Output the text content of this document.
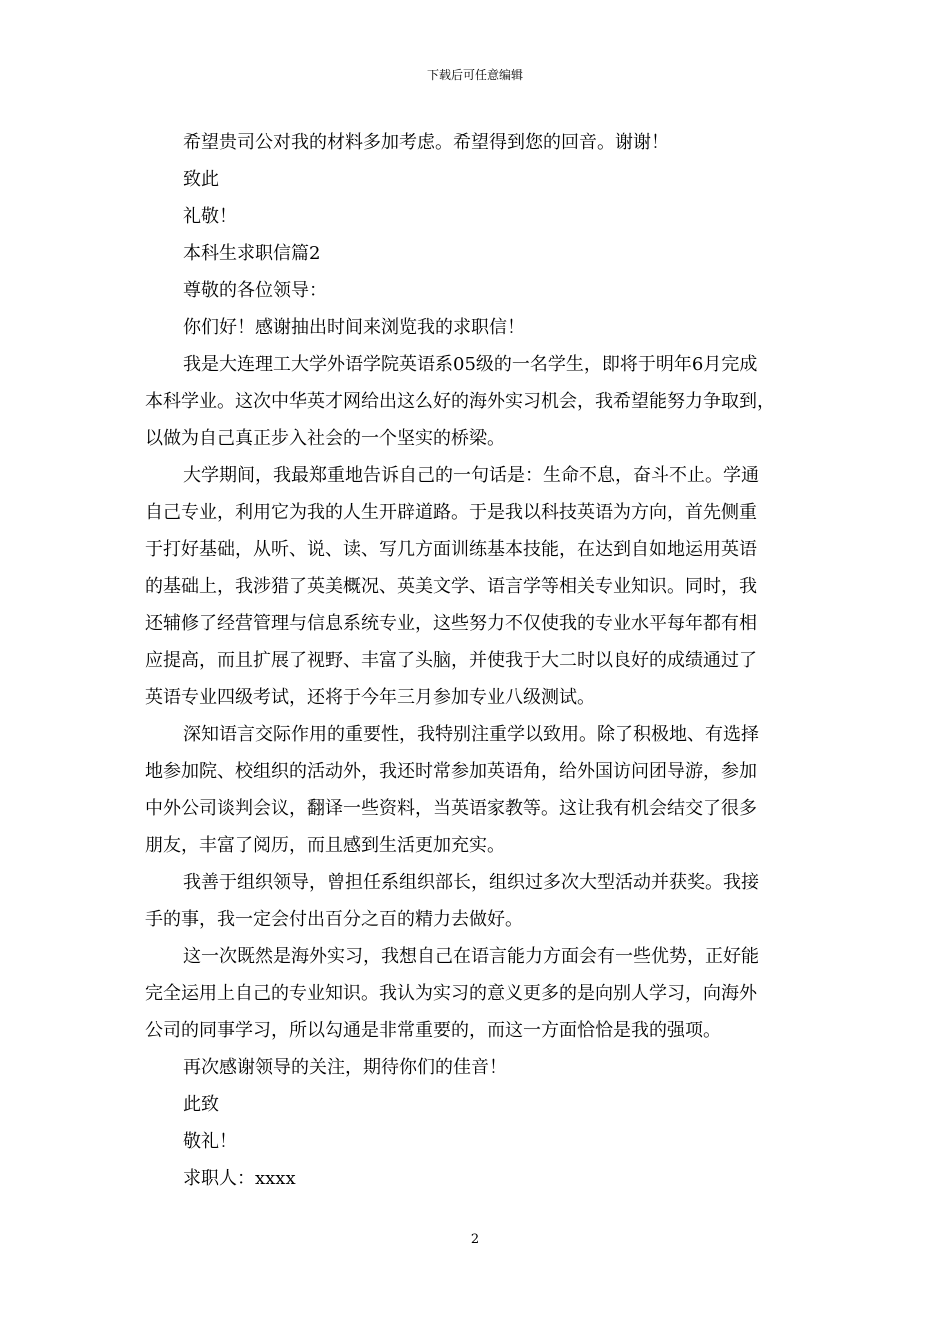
下载后可任意编辑
希望贵司公对我的材料多加考虑。希望得到您的回音。谢谢！
致此
礼敬！
本科生求职信篇2
尊敬的各位领导：
你们好！感谢抽出时间来浏览我的求职信！
我是大连理工大学外语学院英语系05级的一名学生，即将于明年6月完成
本科学业。这次中华英才网给出这么好的海外实习机会，我希望能努力争取到，
以做为自己真正步入社会的一个坚实的桥梁。
大学期间，我最郑重地告诉自己的一句话是：生命不息，奋斗不止。学通
自己专业，利用它为我的人生开辟道路。于是我以科技英语为方向，首先侧重
于打好基础，从听、说、读、写几方面训练基本技能，在达到自如地运用英语
的基础上，我涉猎了英美概况、英美文学、语言学等相关专业知识。同时，我
还辅修了经营管理与信息系统专业，这些努力不仅使我的专业水平每年都有相
应提高，而且扩展了视野、丰富了头脑，并使我于大二时以良好的成绩通过了
英语专业四级考试，还将于今年三月参加专业八级测试。
深知语言交际作用的重要性，我特别注重学以致用。除了积极地、有选择
地参加院、校组织的活动外，我还时常参加英语角，给外国访问团导游，参加
中外公司谈判会议，翻译一些资料，当英语家教等。这让我有机会结交了很多
朋友，丰富了阅历，而且感到生活更加充实。
我善于组织领导，曾担任系组织部长，组织过多次大型活动并获奖。我接
手的事，我一定会付出百分之百的精力去做好。
这一次既然是海外实习，我想自己在语言能力方面会有一些优势，正好能
完全运用上自己的专业知识。我认为实习的意义更多的是向别人学习，向海外
公司的同事学习，所以勾通是非常重要的，而这一方面恰恰是我的强项。
再次感谢领导的关注，期待你们的佳音！
此致
敬礼！
求职人：xxxx
2
